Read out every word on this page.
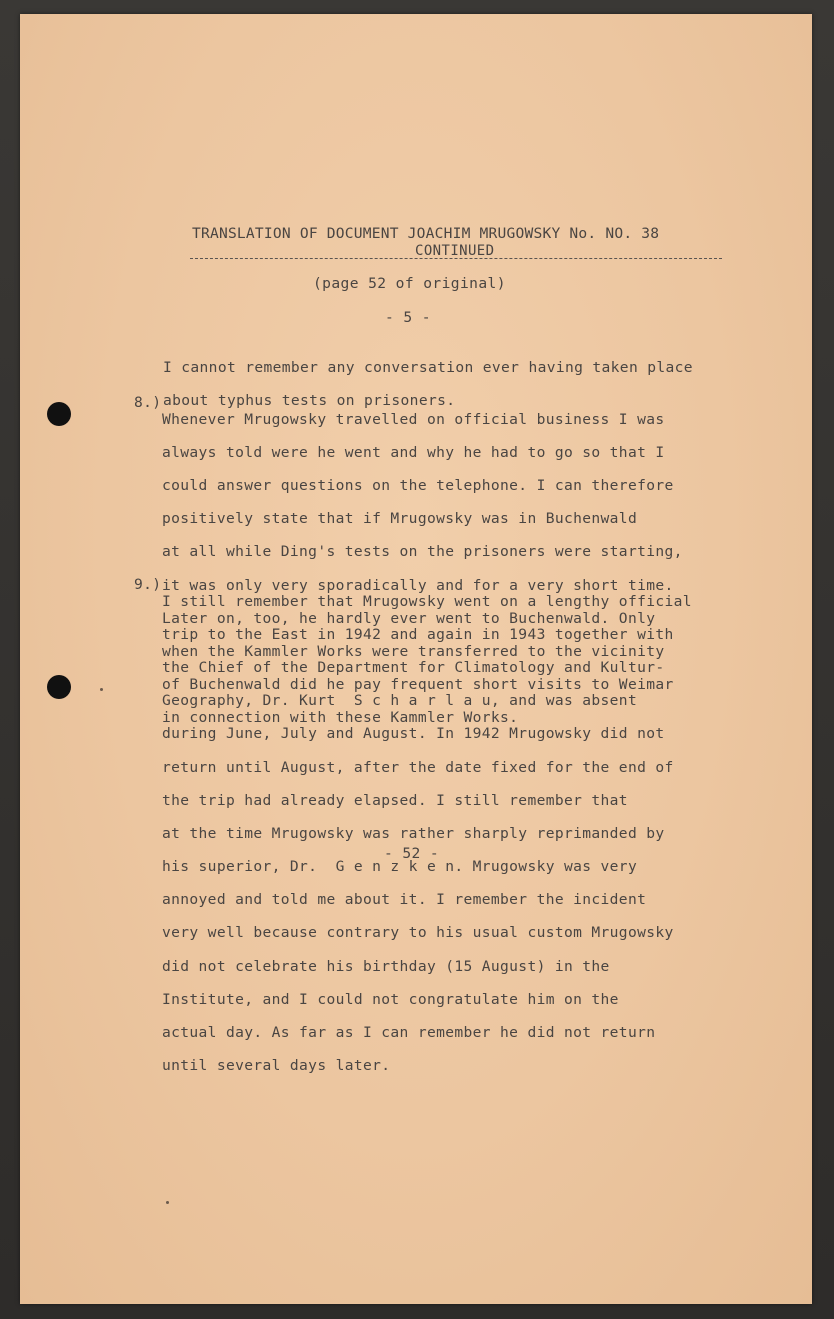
TRANSLATION OF DOCUMENT JOACHIM MRUGOWSKY No. NO. 38
CONTINUED
(page 52 of original)
- 5 -

I cannot remember any conversation ever having taken place

about typhus tests on prisoners.

8.)

Whenever Mrugowsky travelled on official business I was

always told were he went and why he had to go so that I

could answer questions on the telephone. I can therefore

positively state that if Mrugowsky was in Buchenwald

at all while Ding's tests on the prisoners were starting,

it was only very sporadically and for a very short time.

Later on, too, he hardly ever went to Buchenwald. Only

when the Kammler Works were transferred to the vicinity

of Buchenwald did he pay frequent short visits to Weimar

in connection with these Kammler Works.

9.)

I still remember that Mrugowsky went on a lengthy official

trip to the East in 1942 and again in 1943 together with

the Chief of the Department for Climatology and Kultur-

Geography, Dr. Kurt  S c h a r l a u, and was absent

during June, July and August. In 1942 Mrugowsky did not

return until August, after the date fixed for the end of

the trip had already elapsed. I still remember that

at the time Mrugowsky was rather sharply reprimanded by

his superior, Dr.  G e n z k e n. Mrugowsky was very

annoyed and told me about it. I remember the incident

very well because contrary to his usual custom Mrugowsky

did not celebrate his birthday (15 August) in the

Institute, and I could not congratulate him on the

actual day. As far as I can remember he did not return

until several days later.

- 52 -
